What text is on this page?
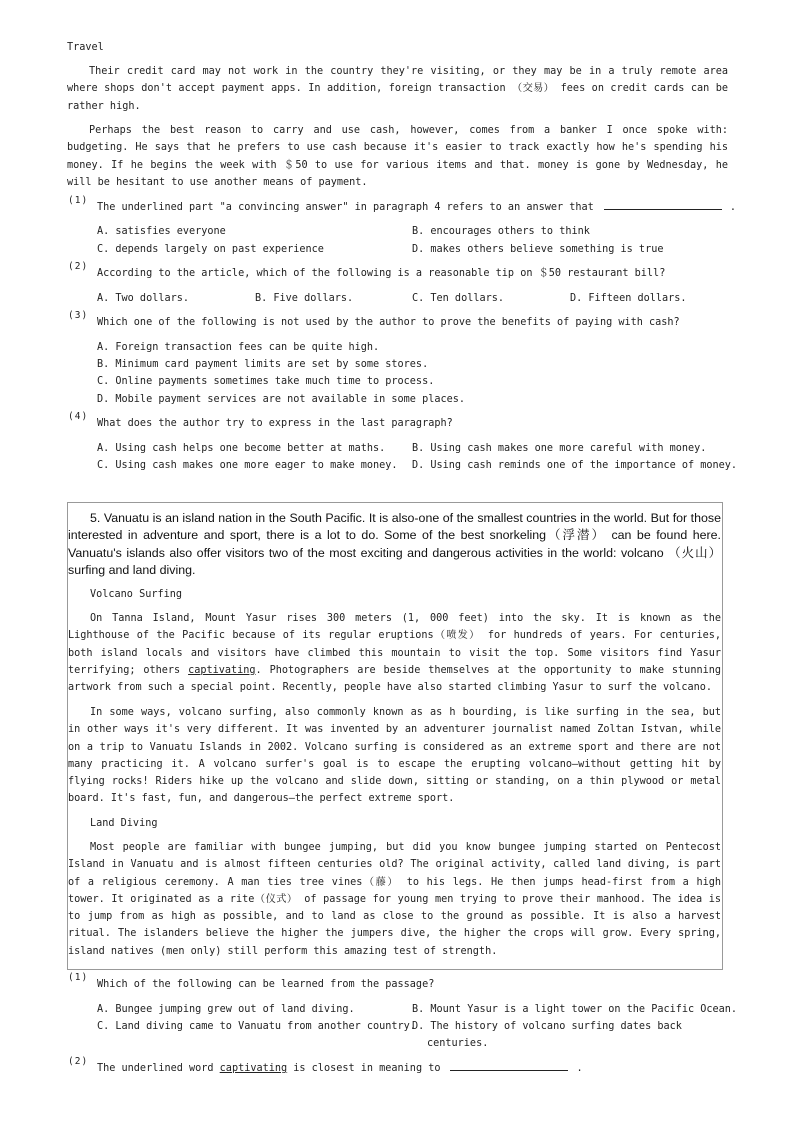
Travel
Their credit card may not work in the country they're visiting, or they may be in a truly remote area where shops don't accept payment apps. In addition, foreign transaction （交易） fees on credit cards can be rather high.
Perhaps the best reason to carry and use cash, however, comes from a banker I once spoke with: budgeting. He says that he prefers to use cash because it's easier to track exactly how he's spending his money. If he begins the week with ＄50 to use for various items and that. money is gone by Wednesday, he will be hesitant to use another means of payment.
(1)
The underlined part "a convincing answer" in paragraph 4 refers to an answer that	.
A. satisfies everyone	B. encourages others to think
C. depends largely on past experience	D. makes others believe something is true
(2)
According to the article, which of the following is a reasonable tip on ＄50 restaurant bill?
A. Two dollars.	B. Five dollars.	C. Ten dollars.	D. Fifteen dollars.
(3)
Which one of the following is not used by the author to prove the benefits of paying with cash?
A. Foreign transaction fees can be quite high.
B. Minimum card payment limits are set by some stores.
C. Online payments sometimes take much time to process.
D. Mobile payment services are not available in some places.
(4)
What does the author try to express in the last paragraph?
A. Using cash helps one become better at maths.	B. Using cash makes one more careful with money.
C. Using cash makes one more eager to make money. D. Using cash reminds one of the importance of money.
5. Vanuatu is an island nation in the South Pacific. It is also-one of the smallest countries in the world. But for those interested in adventure and sport, there is a lot to do. Some of the best snorkeling（浮潜） can be found here. Vanuatu's islands also offer visitors two of the most exciting and dangerous activities in the world: volcano （火山） surfing and land diving.
Volcano Surfing
On Tanna Island, Mount Yasur rises 300 meters (1, 000 feet) into the sky. It is known as the Lighthouse of the Pacific because of its regular eruptions（喷发） for hundreds of years. For centuries, both island locals and visitors have climbed this mountain to visit the top. Some visitors find Yasur terrifying; others captivating. Photographers are beside themselves at the opportunity to make stunning artwork from such a special point. Recently, people have also started climbing Yasur to surf the volcano.
In some ways, volcano surfing, also commonly known as as h bourding, is like surfing in the sea, but in other ways it's very different. It was invented by an adventurer journalist named Zoltan Istvan, while on a trip to Vanuatu Islands in 2002. Volcano surfing is considered as an extreme sport and there are not many practicing it. A volcano surfer's goal is to escape the erupting volcano—without getting hit by flying rocks! Riders hike up the volcano and slide down, sitting or standing, on a thin plywood or metal board. It's fast, fun, and dangerous—the perfect extreme sport.
Land Diving
Most people are familiar with bungee jumping, but did you know bungee jumping started on Pentecost Island in Vanuatu and is almost fifteen centuries old? The original activity, called land diving, is part of a religious ceremony. A man ties tree vines（藤） to his legs. He then jumps head-first from a high tower. It originated as a rite（仪式） of passage for young men trying to prove their manhood. The idea is to jump from as high as possible, and to land as close to the ground as possible. It is also a harvest ritual. The islanders believe the higher the jumpers dive, the higher the crops will grow. Every spring, island natives (men only) still perform this amazing test of strength.
(1)
Which of the following can be learned from the passage?
A. Bungee jumping grew out of land diving.	B. Mount Yasur is a light tower on the Pacific Ocean.
C. Land diving came to Vanuatu from another country.
D. The history of volcano surfing dates back
centuries.
(2)
The underlined word captivating is closest in meaning to	.
